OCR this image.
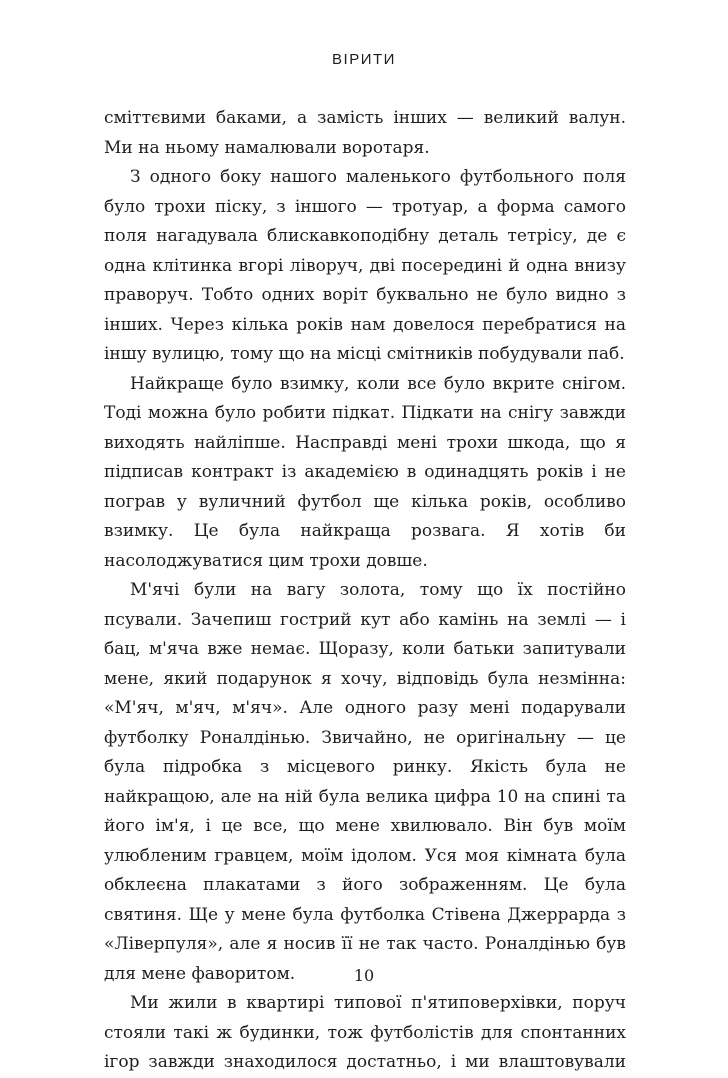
ВІРИТИ

сміттєвими баками, а замість інших — великий валун. Ми на ньому намалювали воротаря.

З одного боку нашого маленького футбольного поля було трохи піску, з іншого — тротуар, а форма самого поля нагадувала блискавкоподібну деталь тетрісу, де є одна клітинка вгорі ліворуч, дві посередині й одна внизу праворуч. Тобто одних воріт буквально не було видно з інших. Через кілька років нам довелося перебратися на іншу вулицю, тому що на місці смітників побудували паб.

Найкраще було взимку, коли все було вкрите снігом. Тоді можна було робити підкат. Підкати на снігу завжди виходять найліпше. Насправді мені трохи шкода, що я підписав контракт із академією в одинадцять років і не пограв у вуличний футбол ще кілька років, особливо взимку. Це була найкраща розвага. Я хотів би насолоджуватися цим трохи довше.

М'ячі були на вагу золота, тому що їх постійно псували. Зачепиш гострий кут або камінь на землі — і бац, м'яча вже немає. Щоразу, коли батьки запитували мене, який подарунок я хочу, відповідь була незмінна: «М'яч, м'яч, м'яч». Але одного разу мені подарували футболку Роналдінью. Звичайно, не оригінальну — це була підробка з місцевого ринку. Якість була не найкращою, але на ній була велика цифра 10 на спині та його ім'я, і це все, що мене хвилювало. Він був моїм улюбленим гравцем, моїм ідолом. Уся моя кімната була обклеєна плакатами з його зображенням. Це була святиня. Ще у мене була футболка Стівена Джеррарда з «Ліверпуля», але я носив її не так часто. Роналдінью був для мене фаворитом.

Ми жили в квартирі типової п'ятиповерхівки, поруч стояли такі ж будинки, тож футболістів для спонтанних ігор завжди знаходилося достатньо, і ми влаштовували

10
